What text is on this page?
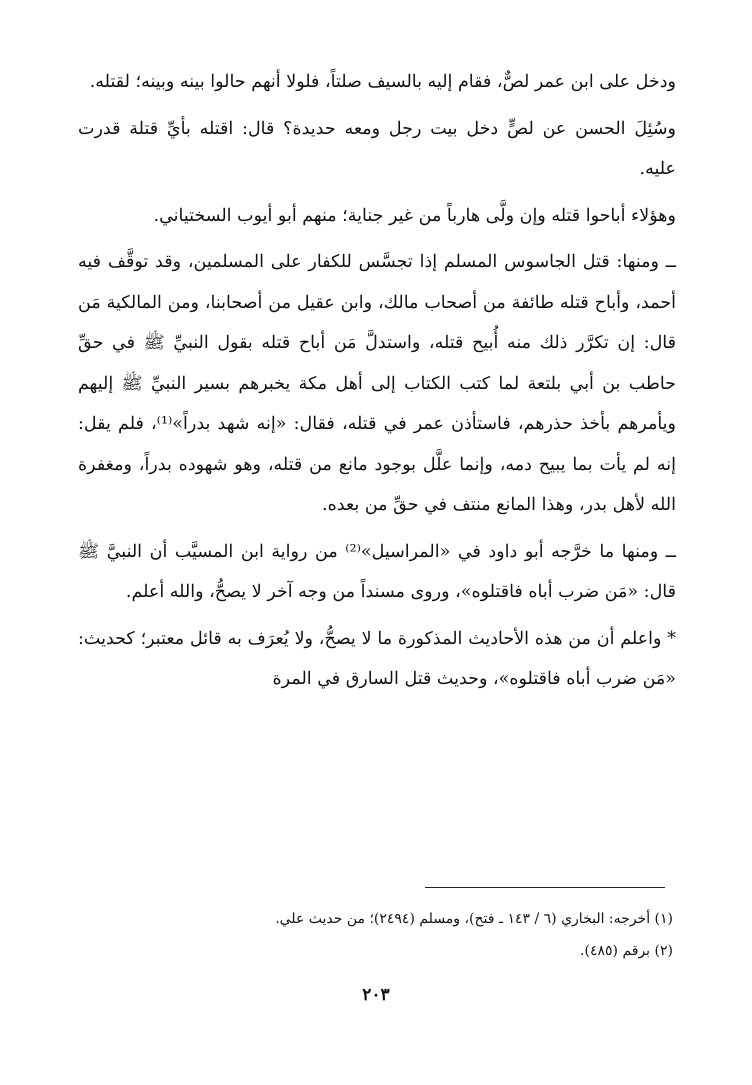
ودخل على ابن عمر لصٌّ، فقام إليه بالسيف صلتاً، فلولا أنهم حالوا بينه وبينه؛ لقتله.

وسُئِلَ الحسن عن لصٍّ دخل بيت رجل ومعه حديدة؟ قال: اقتله بأيِّ قتلة قدرت عليه.

وهؤلاء أباحوا قتله وإن ولَّى هارباً من غير جناية؛ منهم أبو أيوب السختياني.

ــ ومنها: قتل الجاسوس المسلم إذا تجسَّس للكفار على المسلمين، وقد توقَّف فيه أحمد، وأباح قتله طائفة من أصحاب مالك، وابن عقيل من أصحابنا، ومن المالكية مَن قال: إن تكرَّر ذلك منه أُبيح قتله، واستدلَّ مَن أباح قتله بقول النبيِّ ﷺ في حقِّ حاطب بن أبي بلتعة لما كتب الكتاب إلى أهل مكة يخبرهم بسير النبيِّ ﷺ إليهم ويأمرهم بأخذ حذرهم، فاستأذن عمر في قتله، فقال: «إنه شهد بدراً»⁽¹⁾، فلم يقل: إنه لم يأت بما يبيح دمه، وإنما علَّل بوجود مانع من قتله، وهو شهوده بدراً، ومغفرة الله لأهل بدر، وهذا المانع منتف في حقِّ من بعده.

ــ ومنها ما خرَّجه أبو داود في «المراسيل»⁽²⁾ من رواية ابن المسيَّب أن النبيَّ ﷺ قال: «مَن ضرب أباه فاقتلوه»، وروى مسنداً من وجه آخر لا يصحُّ، والله أعلم.

* واعلم أن من هذه الأحاديث المذكورة ما لا يصحُّ، ولا يُعرَف به قائل معتبر؛ كحديث: «مَن ضرب أباه فاقتلوه»، وحديث قتل السارق في المرة

(١) أخرجه: البخاري (٦ / ١٤٣ ـ فتح)، ومسلم (٢٤٩٤)؛ من حديث علي.

(٢) برقم (٤٨٥).

٢٠٣
